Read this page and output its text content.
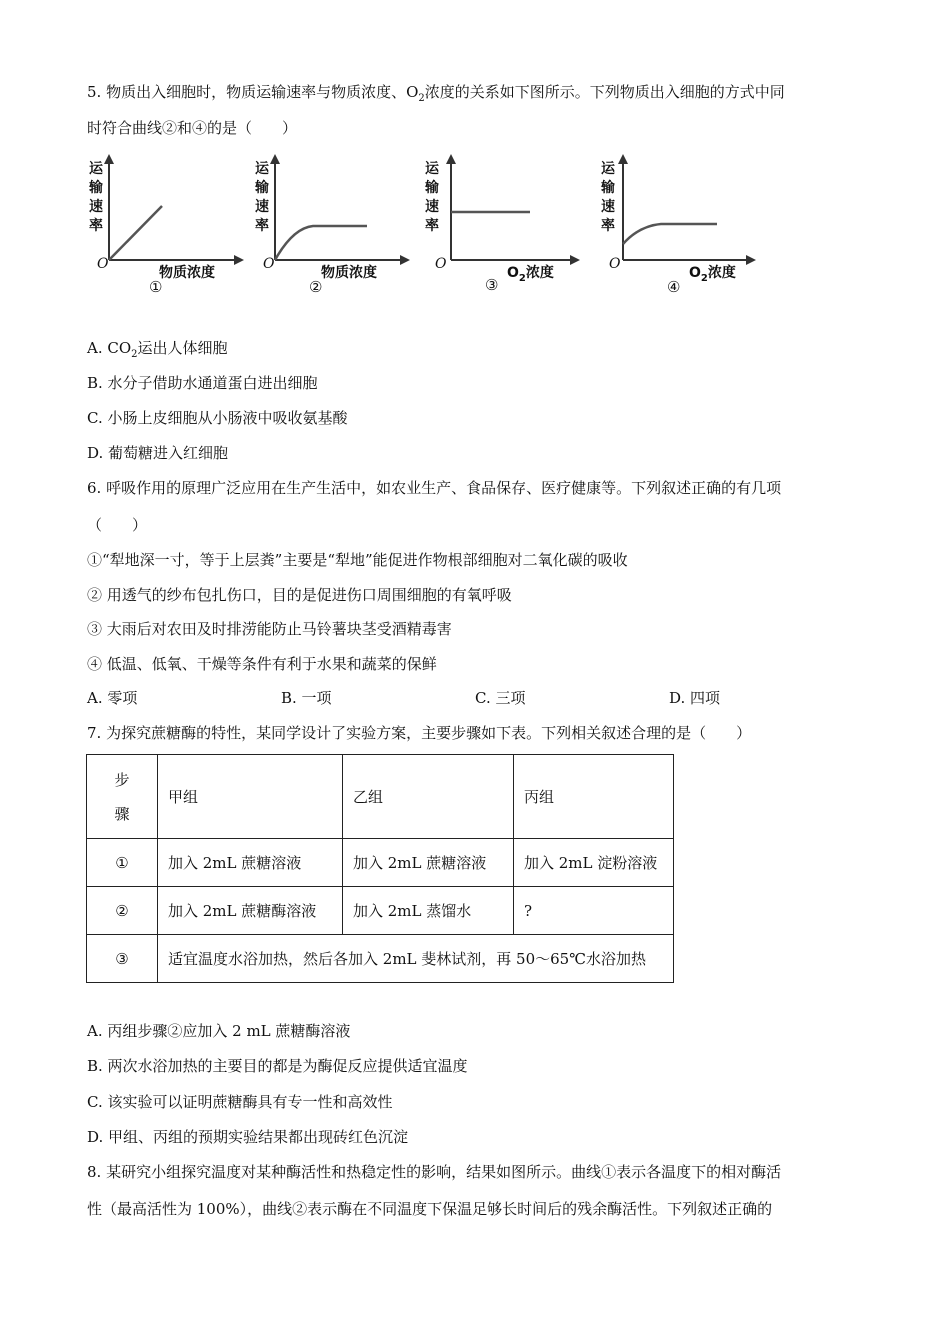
5. 物质出入细胞时，物质运输速率与物质浓度、$O_2$浓度的关系如下图所示。下列物质出入细胞的方式中同
时符合曲线②和④的是（　　）
运
输
速
率
O
物质浓度
①
运
输
速
率
O
物质浓度
②
运
输
速
率
O
$O_2$浓度
③
运
输
速
率
O
$O_2$浓度
④
A. $CO_2$运出人体细胞
B. 水分子借助水通道蛋白进出细胞
C. 小肠上皮细胞从小肠液中吸收氨基酸
D. 葡萄糖进入红细胞
6. 呼吸作用的原理广泛应用在生产生活中，如农业生产、食品保存、医疗健康等。下列叙述正确的有几项
（　　）
①“犁地深一寸，等于上层粪”主要是“犁地”能促进作物根部细胞对二氧化碳的吸收
② 用透气的纱布包扎伤口，目的是促进伤口周围细胞的有氧呼吸
③ 大雨后对农田及时排涝能防止马铃薯块茎受酒精毒害
④ 低温、低氧、干燥等条件有利于水果和蔬菜的保鲜
A. 零项	B. 一项	C. 三项	D. 四项
7. 为探究蔗糖酶的特性，某同学设计了实验方案，主要步骤如下表。下列相关叙述合理的是（　　）
步
骤	甲组	乙组	丙组
①	加入 2mL 蔗糖溶液	加入 2mL 蔗糖溶液	加入 2mL 淀粉溶液
②	加入 2mL 蔗糖酶溶液	加入 2mL 蒸馏水	?
③	适宜温度水浴加热，然后各加入 2mL 斐林试剂，再 50～65℃水浴加热		
A. 丙组步骤②应加入 2 mL 蔗糖酶溶液
B. 两次水浴加热的主要目的都是为酶促反应提供适宜温度
C. 该实验可以证明蔗糖酶具有专一性和高效性
D. 甲组、丙组的预期实验结果都出现砖红色沉淀
8. 某研究小组探究温度对某种酶活性和热稳定性的影响，结果如图所示。曲线①表示各温度下的相对酶活
性（最高活性为 100%），曲线②表示酶在不同温度下保温足够长时间后的残余酶活性。下列叙述正确的
